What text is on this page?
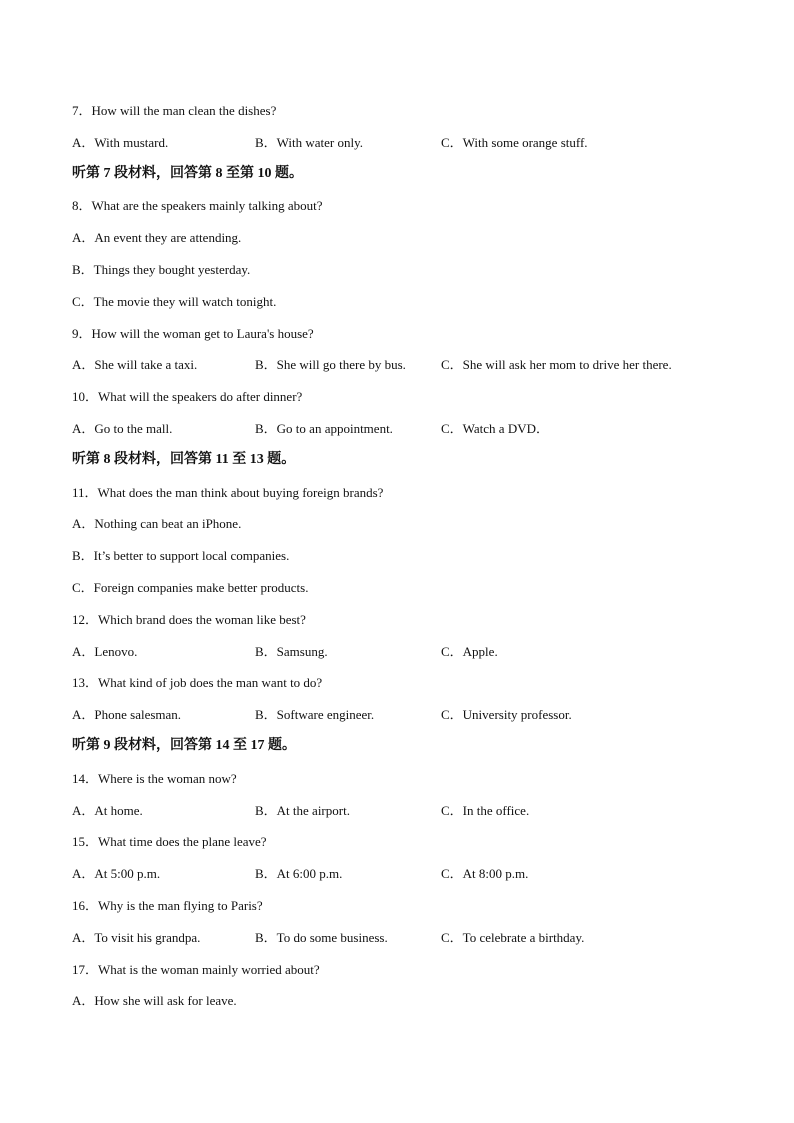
7．How will the man clean the dishes?
A．With mustard.	B．With water only.	C．With some orange stuff.
听第 7 段材料，回答第 8 至第 10 题。
8．What are the speakers mainly talking about?
A．An event they are attending.
B．Things they bought yesterday.
C．The movie they will watch tonight.
9．How will the woman get to Laura's house?
A．She will take a taxi.	B．She will go there by bus.	C．She will ask her mom to drive her there.
10．What will the speakers do after dinner?
A．Go to the mall.	B．Go to an appointment.	C．Watch a DVD．
听第 8 段材料，回答第 11 至 13 题。
11．What does the man think about buying foreign brands?
A．Nothing can beat an iPhone.
B．It’s better to support local companies.
C．Foreign companies make better products.
12．Which brand does the woman like best?
A．Lenovo.	B．Samsung.	C．Apple.
13．What kind of job does the man want to do?
A．Phone salesman.	B．Software engineer.	C．University professor.
听第 9 段材料，回答第 14 至 17 题。
14．Where is the woman now?
A．At home.	B．At the airport.	C．In the office.
15．What time does the plane leave?
A．At 5:00 p.m.	B．At 6:00 p.m.	C．At 8:00 p.m.
16．Why is the man flying to Paris?
A．To visit his grandpa.	B．To do some business.	C．To celebrate a birthday.
17．What is the woman mainly worried about?
A．How she will ask for leave.
